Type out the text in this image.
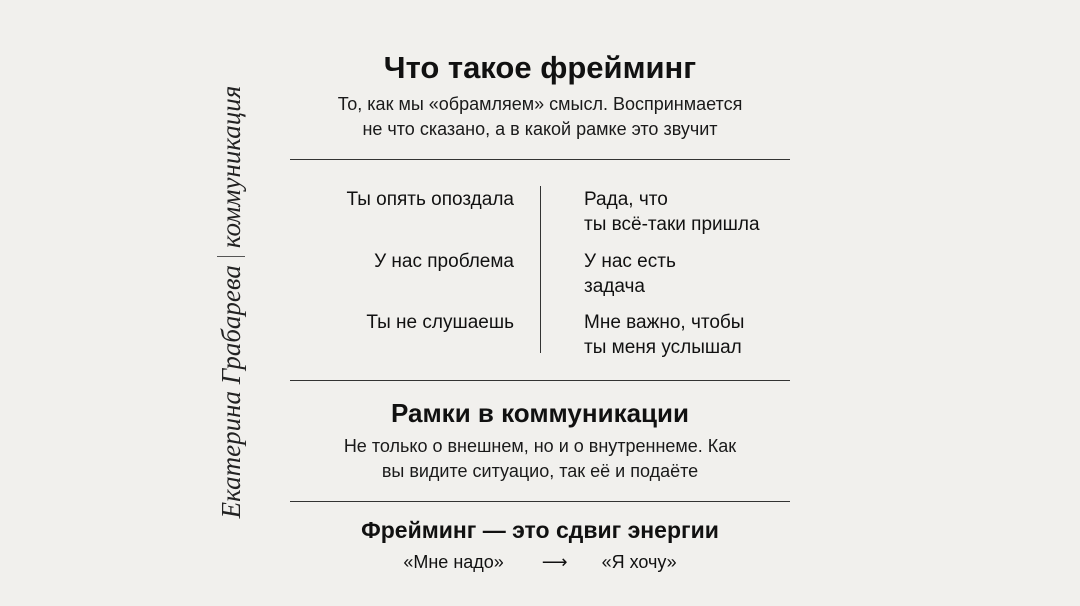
Екатерина Грабарева
коммуникация
Что такое фрейминг
То, как мы «обрамляем» смысл. Воспринмается
не что сказано, а в какой рамке это звучит
Ты опять опоздала
У нас проблема
Ты не слушаешь
Рада, что
ты всё-таки пришла
У нас есть
задача
Мне важно, чтобы
ты меня услышал
Рамки в коммуникации
Не только о внешнем, но и о внутреннеме. Как
вы видите ситуацио, так её и подаёте
Фрейминг — это сдвиг энергии
«Мне надо» ⟶ «Я хочу»
